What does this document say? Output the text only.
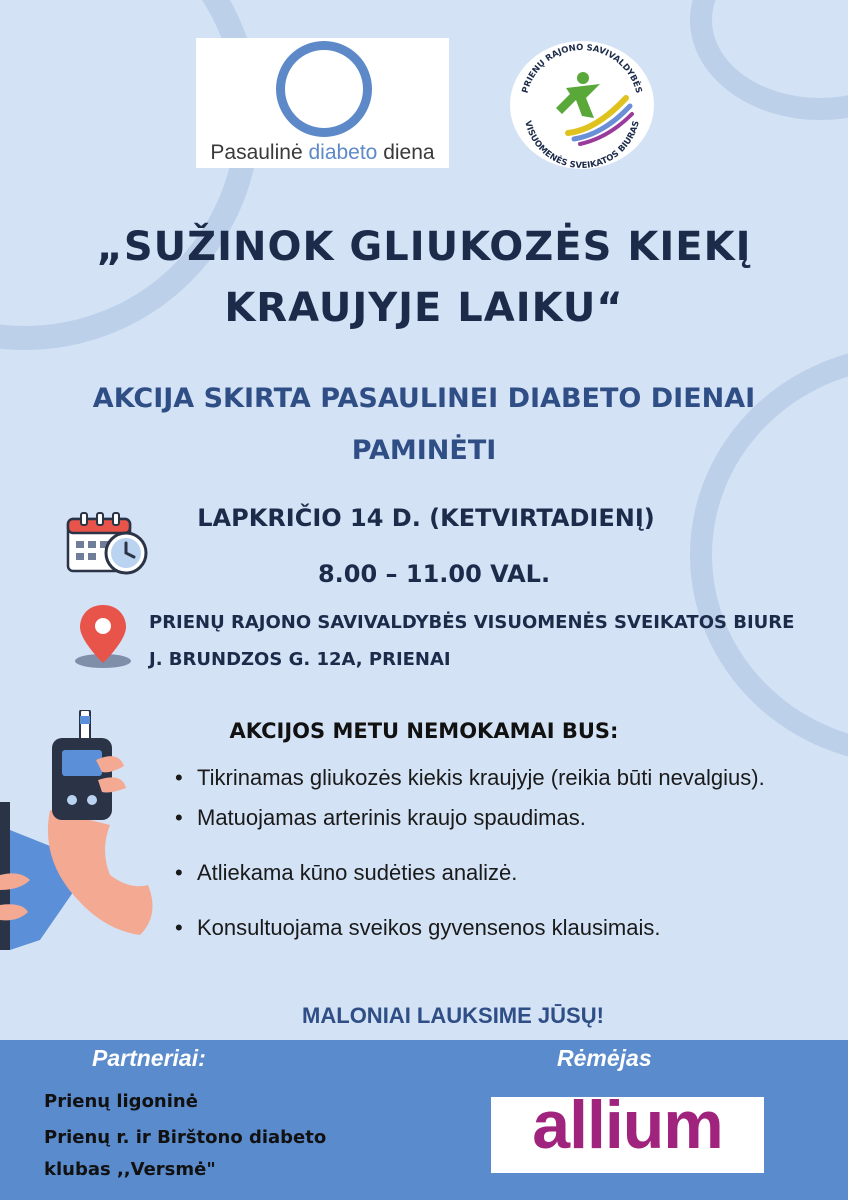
Pasaulinė diabeto diena
PRIENŲ RAJONO SAVIVALDYBĖS
VISUOMENĖS SVEIKATOS BIURAS
„SUŽINOK GLIUKOZĖS KIEKĮ
KRAUJYJE LAIKU“
AKCIJA SKIRTA PASAULINEI DIABETO DIENAI
PAMINĖTI
LAPKRIČIO 14 D. (KETVIRTADIENĮ)
8.00 – 11.00 VAL.
PRIENŲ RAJONO SAVIVALDYBĖS VISUOMENĖS SVEIKATOS BIURE
J. BRUNDZOS G. 12A, PRIENAI
AKCIJOS METU NEMOKAMAI BUS:
• Tikrinamas gliukozės kiekis kraujyje (reikia būti nevalgius).
• Matuojamas arterinis kraujo spaudimas.
• Atliekama kūno sudėties analizė.
• Konsultuojama sveikos gyvensenos klausimais.
MALONIAI LAUKSIME JŪSŲ!
Partneriai:	Rėmėjas
Prienų ligoninė
Prienų r. ir Birštono diabeto
klubas ,,Versmė"
allium
